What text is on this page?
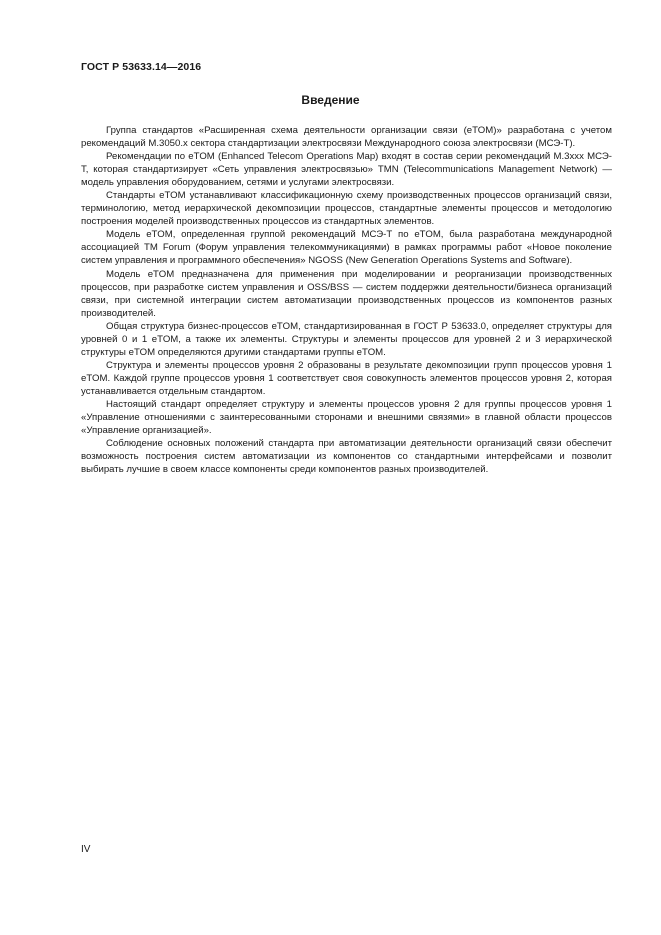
ГОСТ Р 53633.14—2016
Введение

Группа стандартов «Расширенная схема деятельности организации связи (eTOM)» разработана с учетом рекомендаций М.3050.x сектора стандартизации электросвязи Международного союза электросвязи (МСЭ-Т).

Рекомендации по eTOM (Enhanced Telecom Operations Map) входят в состав серии рекомендаций М.3xxx МСЭ-Т, которая стандартизирует «Сеть управления электросвязью» TMN (Telecommunications Management Network) — модель управления оборудованием, сетями и услугами электросвязи.

Стандарты eTOM устанавливают классификационную схему производственных процессов организаций связи, терминологию, метод иерархической декомпозиции процессов, стандартные элементы процессов и методологию построения моделей производственных процессов из стандартных элементов.

Модель eTOM, определенная группой рекомендаций МСЭ-Т по eTOM, была разработана международной ассоциацией TM Forum (Форум управления телекоммуникациями) в рамках программы работ «Новое поколение систем управления и программного обеспечения» NGOSS (New Generation Operations Systems and Software).

Модель eTOM предназначена для применения при моделировании и реорганизации производственных процессов, при разработке систем управления и OSS/BSS — систем поддержки деятельности/бизнеса организаций связи, при системной интеграции систем автоматизации производственных процессов из компонентов разных производителей.

Общая структура бизнес-процессов eTOM, стандартизированная в ГОСТ Р 53633.0, определяет структуры для уровней 0 и 1 eTOM, а также их элементы. Структуры и элементы процессов для уровней 2 и 3 иерархической структуры eTOM определяются другими стандартами группы eTOM.

Структура и элементы процессов уровня 2 образованы в результате декомпозиции групп процессов уровня 1 eTOM. Каждой группе процессов уровня 1 соответствует своя совокупность элементов процессов уровня 2, которая устанавливается отдельным стандартом.

Настоящий стандарт определяет структуру и элементы процессов уровня 2 для группы процессов уровня 1 «Управление отношениями с заинтересованными сторонами и внешними связями» в главной области процессов «Управление организацией».

Соблюдение основных положений стандарта при автоматизации деятельности организаций связи обеспечит возможность построения систем автоматизации из компонентов со стандартными интерфейсами и позволит выбирать лучшие в своем классе компоненты среди компонентов разных производителей.

IV
